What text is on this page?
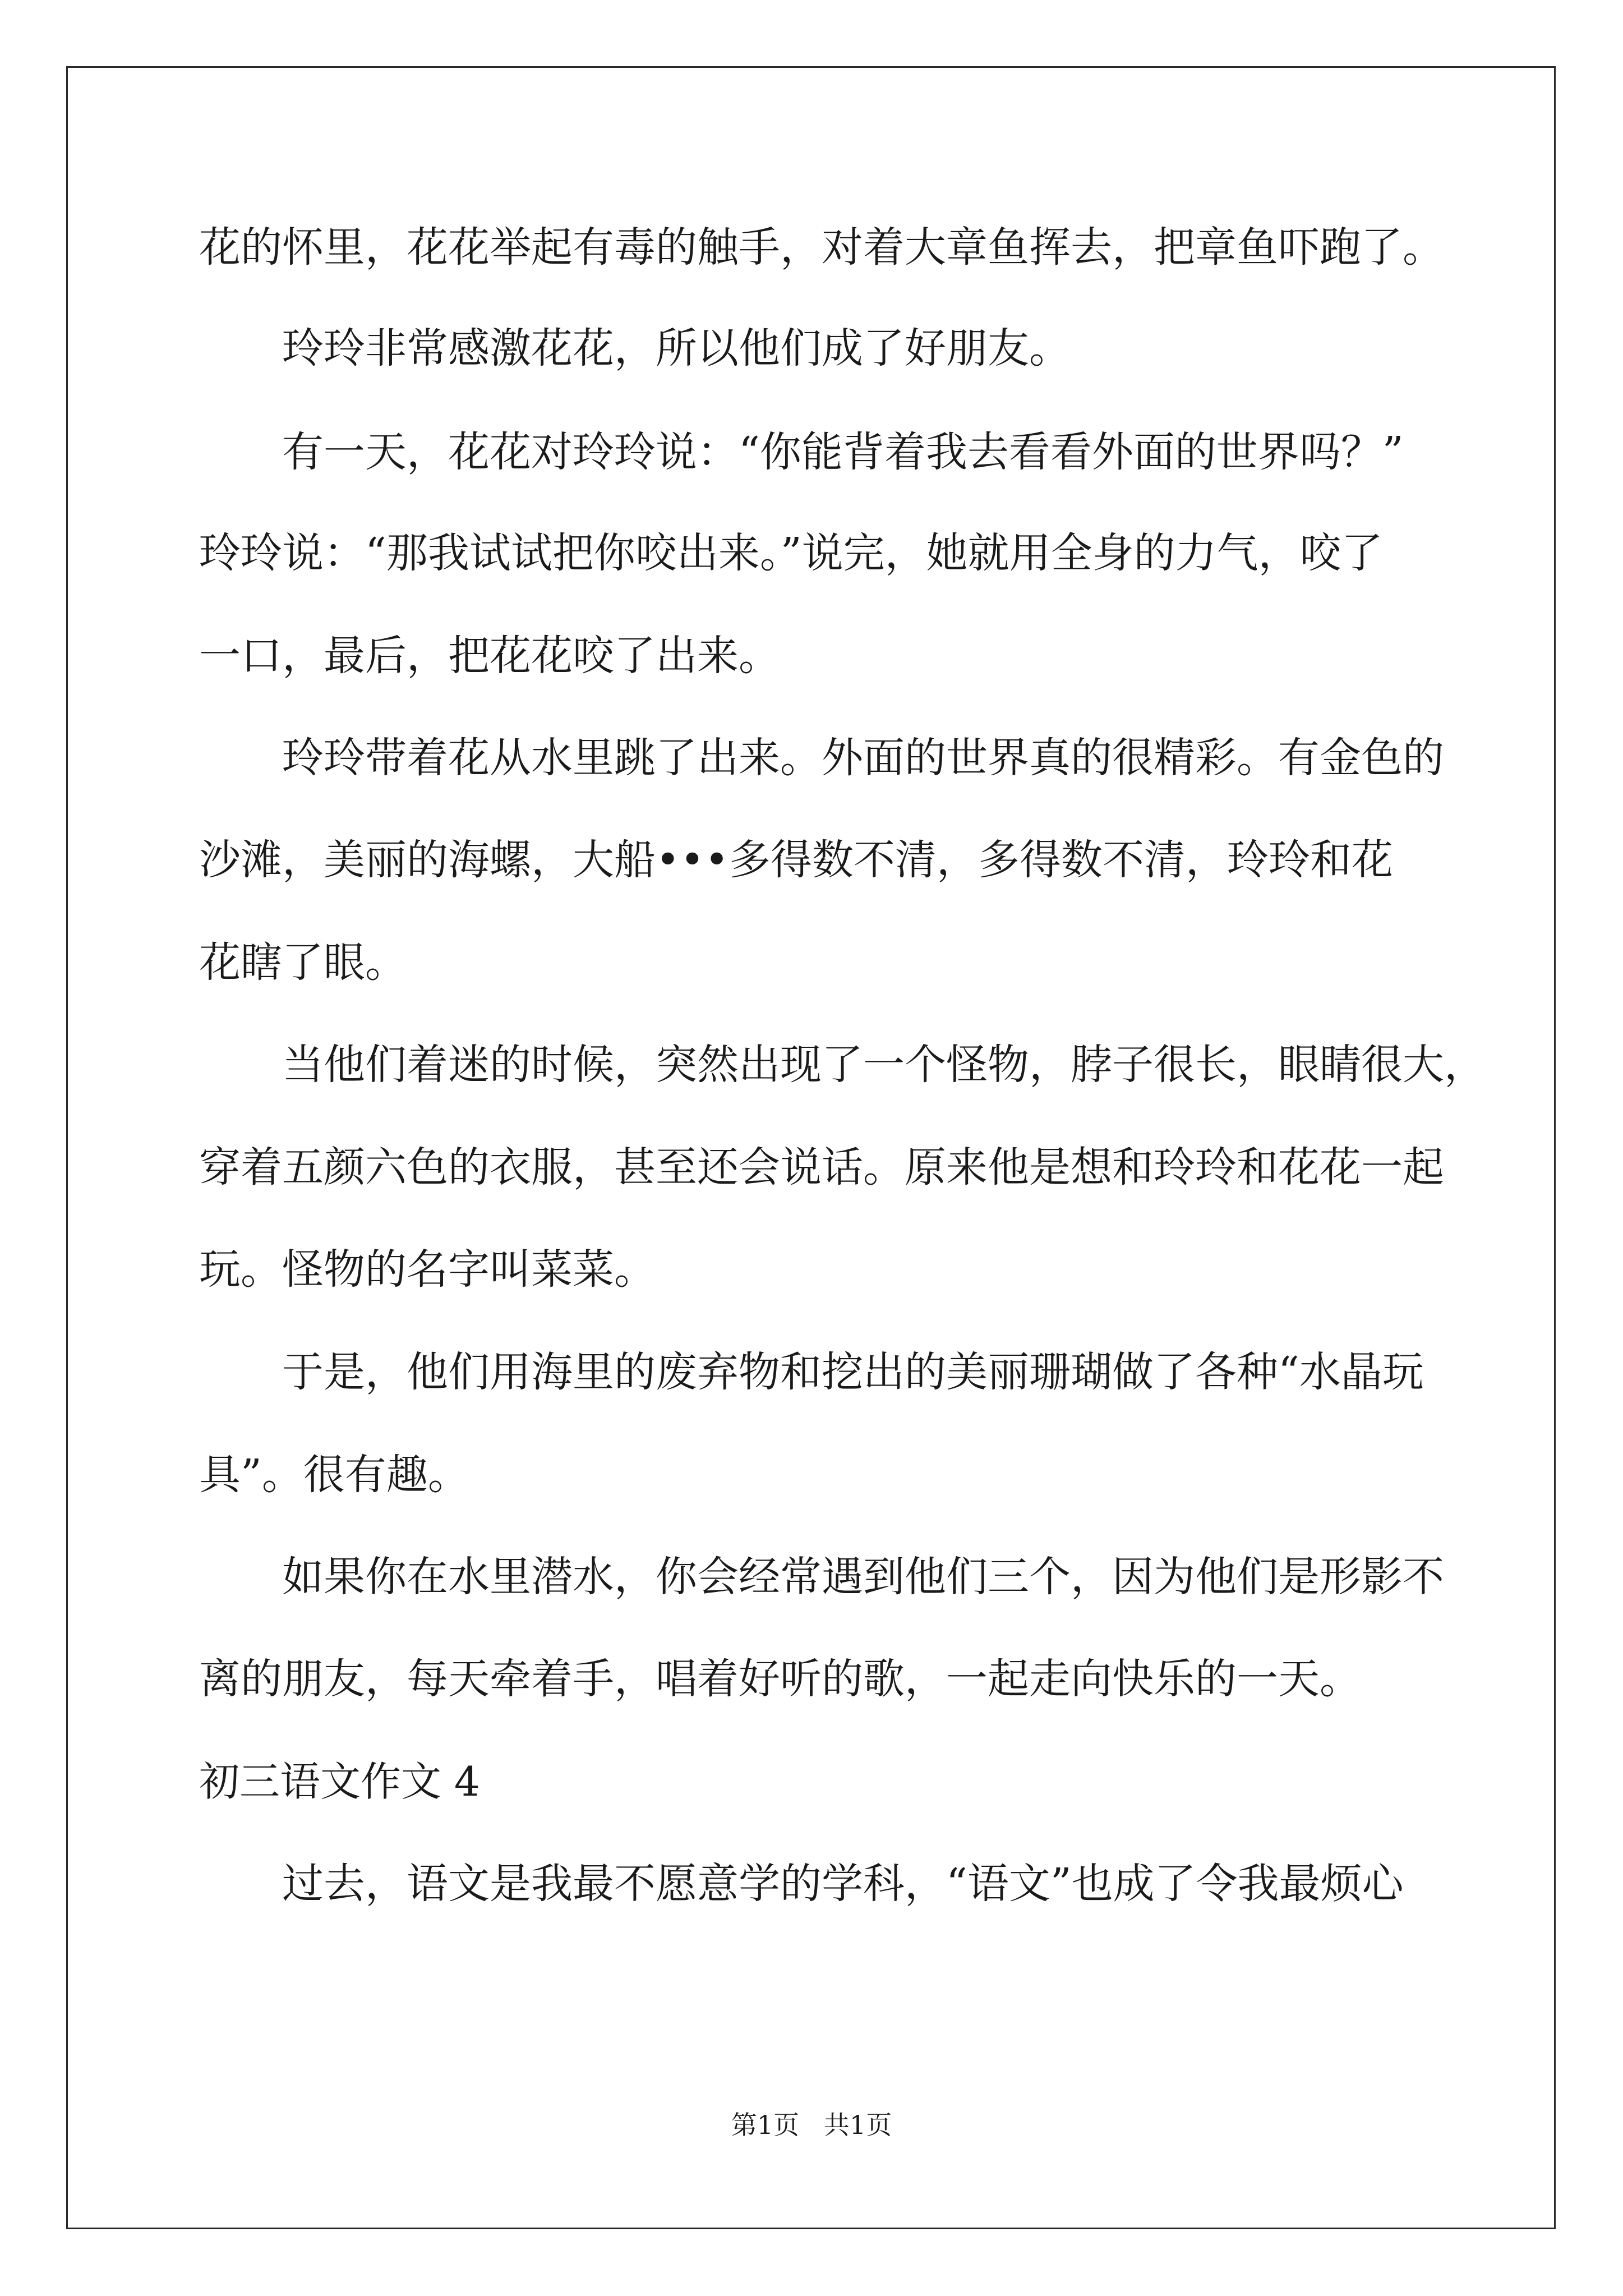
花的怀里，花花举起有毒的触手，对着大章鱼挥去，把章鱼吓跑了。

玲玲非常感激花花，所以他们成了好朋友。

有一天，花花对玲玲说：“你能背着我去看看外面的世界吗？”

玲玲说：“那我试试把你咬出来。”说完，她就用全身的力气，咬了

一口，最后，把花花咬了出来。

玲玲带着花从水里跳了出来。外面的世界真的很精彩。有金色的

沙滩，美丽的海螺，大船•••多得数不清，多得数不清，玲玲和花

花瞎了眼。

当他们着迷的时候，突然出现了一个怪物，脖子很长，眼睛很大，

穿着五颜六色的衣服，甚至还会说话。原来他是想和玲玲和花花一起

玩。怪物的名字叫菜菜。

于是，他们用海里的废弃物和挖出的美丽珊瑚做了各种“水晶玩

具”。很有趣。

如果你在水里潜水，你会经常遇到他们三个，因为他们是形影不

离的朋友，每天牵着手，唱着好听的歌，一起走向快乐的一天。

初三语文作文 4

过去，语文是我最不愿意学的学科，“语文”也成了令我最烦心

第1页   共1页
